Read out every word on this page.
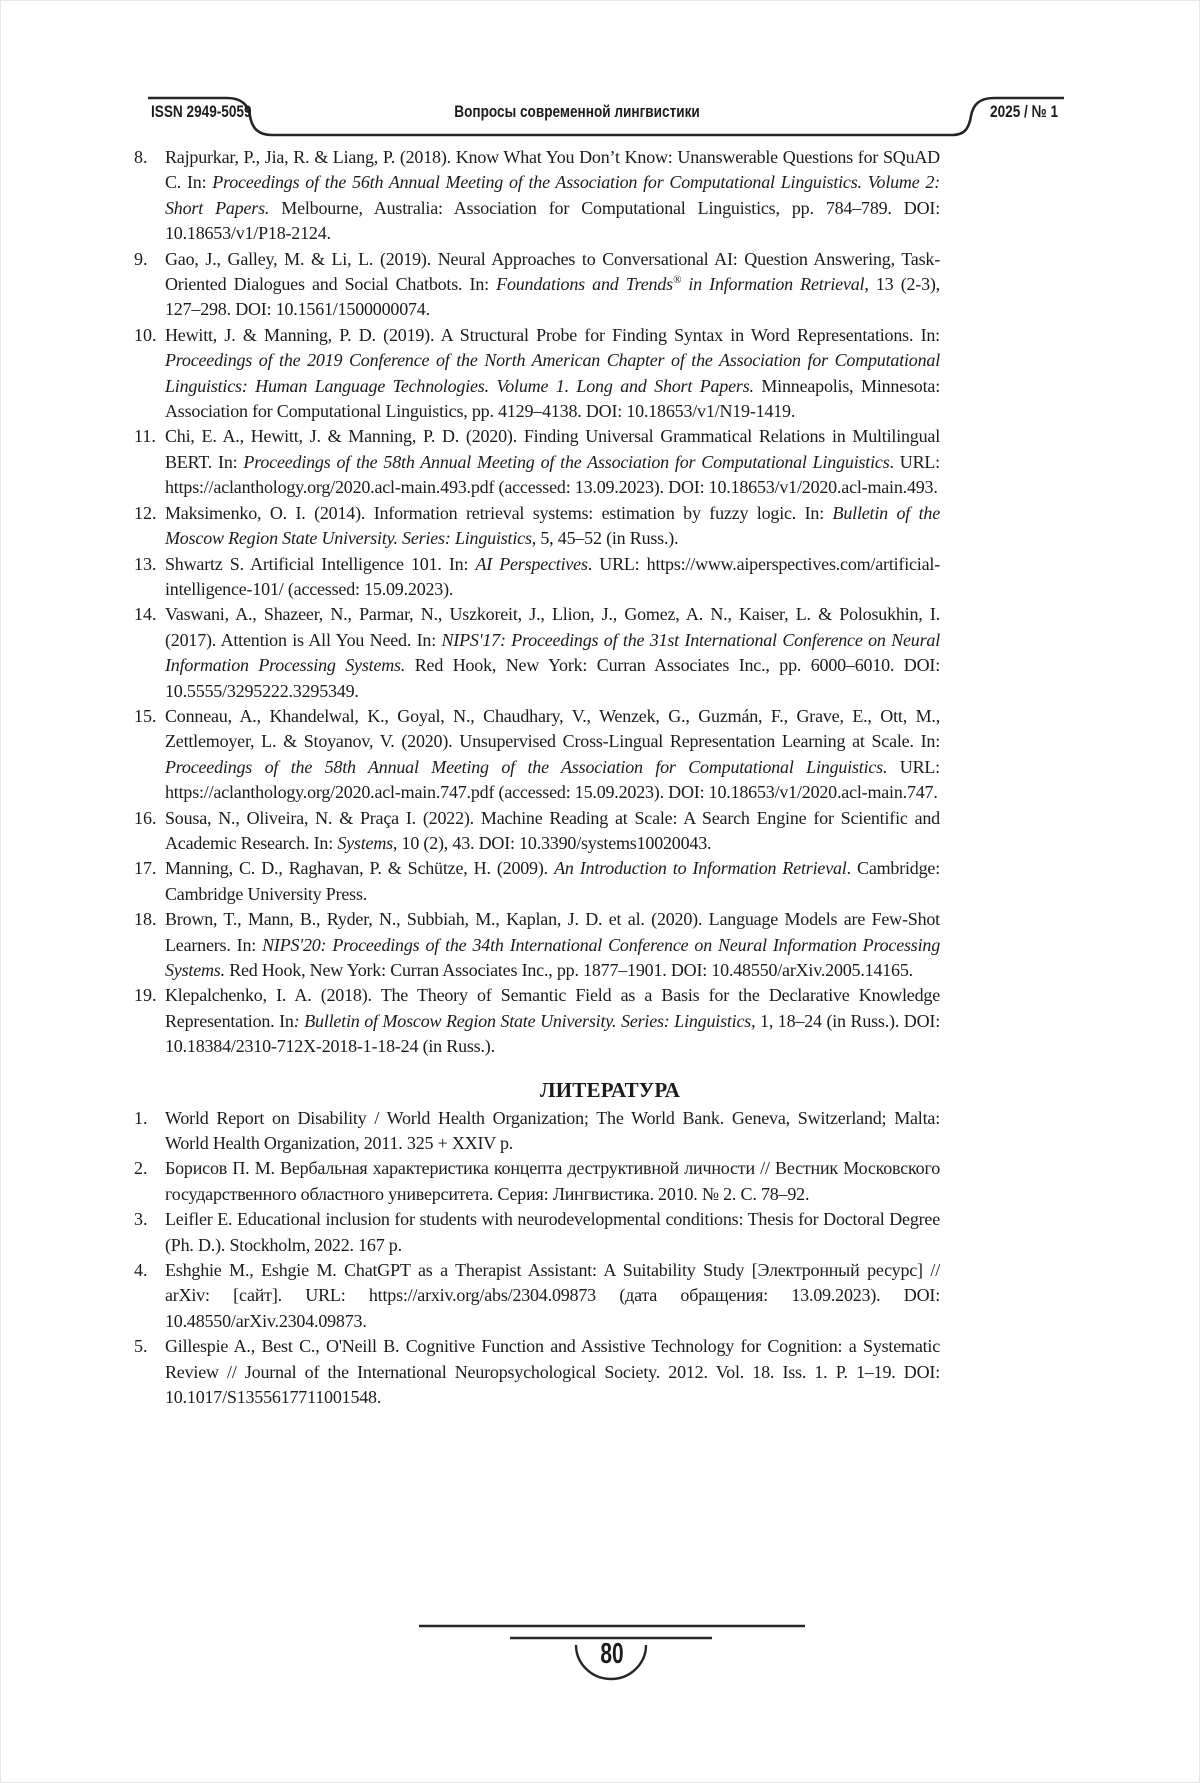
ISSN 2949-5059	Вопросы современной лингвистики	2025 / № 1
8. Rajpurkar, P., Jia, R. & Liang, P. (2018). Know What You Don’t Know: Unanswerable Questions for SQuAD C. In: Proceedings of the 56th Annual Meeting of the Association for Computational Linguistics. Volume 2: Short Papers. Melbourne, Australia: Association for Computational Linguistics, pp. 784–789. DOI: 10.18653/v1/P18-2124.
9. Gao, J., Galley, M. & Li, L. (2019). Neural Approaches to Conversational AI: Question Answering, Task-Oriented Dialogues and Social Chatbots. In: Foundations and Trends® in Information Retrieval, 13 (2-3), 127–298. DOI: 10.1561/1500000074.
10. Hewitt, J. & Manning, P. D. (2019). A Structural Probe for Finding Syntax in Word Representations. In: Proceedings of the 2019 Conference of the North American Chapter of the Association for Computational Linguistics: Human Language Technologies. Volume 1. Long and Short Papers. Minneapolis, Minnesota: Association for Computational Linguistics, pp. 4129–4138. DOI: 10.18653/v1/N19-1419.
11. Chi, E. A., Hewitt, J. & Manning, P. D. (2020). Finding Universal Grammatical Relations in Multilingual BERT. In: Proceedings of the 58th Annual Meeting of the Association for Computational Linguistics. URL: https://aclanthology.org/2020.acl-main.493.pdf (accessed: 13.09.2023). DOI: 10.18653/v1/2020.acl-main.493.
12. Maksimenko, O. I. (2014). Information retrieval systems: estimation by fuzzy logic. In: Bulletin of the Moscow Region State University. Series: Linguistics, 5, 45–52 (in Russ.).
13. Shwartz S. Artificial Intelligence 101. In: AI Perspectives. URL: https://www.aiperspectives.com/artificial-intelligence-101/ (accessed: 15.09.2023).
14. Vaswani, A., Shazeer, N., Parmar, N., Uszkoreit, J., Llion, J., Gomez, A. N., Kaiser, L. & Polosukhin, I. (2017). Attention is All You Need. In: NIPS'17: Proceedings of the 31st International Conference on Neural Information Processing Systems. Red Hook, New York: Curran Associates Inc., pp. 6000–6010. DOI: 10.5555/3295222.3295349.
15. Conneau, A., Khandelwal, K., Goyal, N., Chaudhary, V., Wenzek, G., Guzmán, F., Grave, E., Ott, M., Zettlemoyer, L. & Stoyanov, V. (2020). Unsupervised Cross-Lingual Representation Learning at Scale. In: Proceedings of the 58th Annual Meeting of the Association for Computational Linguistics. URL: https://aclanthology.org/2020.acl-main.747.pdf (accessed: 15.09.2023). DOI: 10.18653/v1/2020.acl-main.747.
16. Sousa, N., Oliveira, N. & Praça I. (2022). Machine Reading at Scale: A Search Engine for Scientific and Academic Research. In: Systems, 10 (2), 43. DOI: 10.3390/systems10020043.
17. Manning, C. D., Raghavan, P. & Schütze, H. (2009). An Introduction to Information Retrieval. Cambridge: Cambridge University Press.
18. Brown, T., Mann, B., Ryder, N., Subbiah, M., Kaplan, J. D. et al. (2020). Language Models are Few-Shot Learners. In: NIPS'20: Proceedings of the 34th International Conference on Neural Information Processing Systems. Red Hook, New York: Curran Associates Inc., pp. 1877–1901. DOI: 10.48550/arXiv.2005.14165.
19. Klepalchenko, I. A. (2018). The Theory of Semantic Field as a Basis for the Declarative Knowledge Representation. In: Bulletin of Moscow Region State University. Series: Linguistics, 1, 18–24 (in Russ.). DOI: 10.18384/2310-712X-2018-1-18-24 (in Russ.).
ЛИТЕРАТУРА
1. World Report on Disability / World Health Organization; The World Bank. Geneva, Switzerland; Malta: World Health Organization, 2011. 325 + XXIV p.
2. Борисов П. М. Вербальная характеристика концепта деструктивной личности // Вестник Московского государственного областного университета. Серия: Лингвистика. 2010. № 2. С. 78–92.
3. Leifler E. Educational inclusion for students with neurodevelopmental conditions: Thesis for Doctoral Degree (Ph. D.). Stockholm, 2022. 167 p.
4. Eshghie M., Eshgie M. ChatGPT as a Therapist Assistant: A Suitability Study [Электронный ресурс] // arXiv: [сайт]. URL: https://arxiv.org/abs/2304.09873 (дата обращения: 13.09.2023). DOI: 10.48550/arXiv.2304.09873.
5. Gillespie A., Best C., O'Neill B. Cognitive Function and Assistive Technology for Cognition: a Systematic Review // Journal of the International Neuropsychological Society. 2012. Vol. 18. Iss. 1. P. 1–19. DOI: 10.1017/S1355617711001548.
80
